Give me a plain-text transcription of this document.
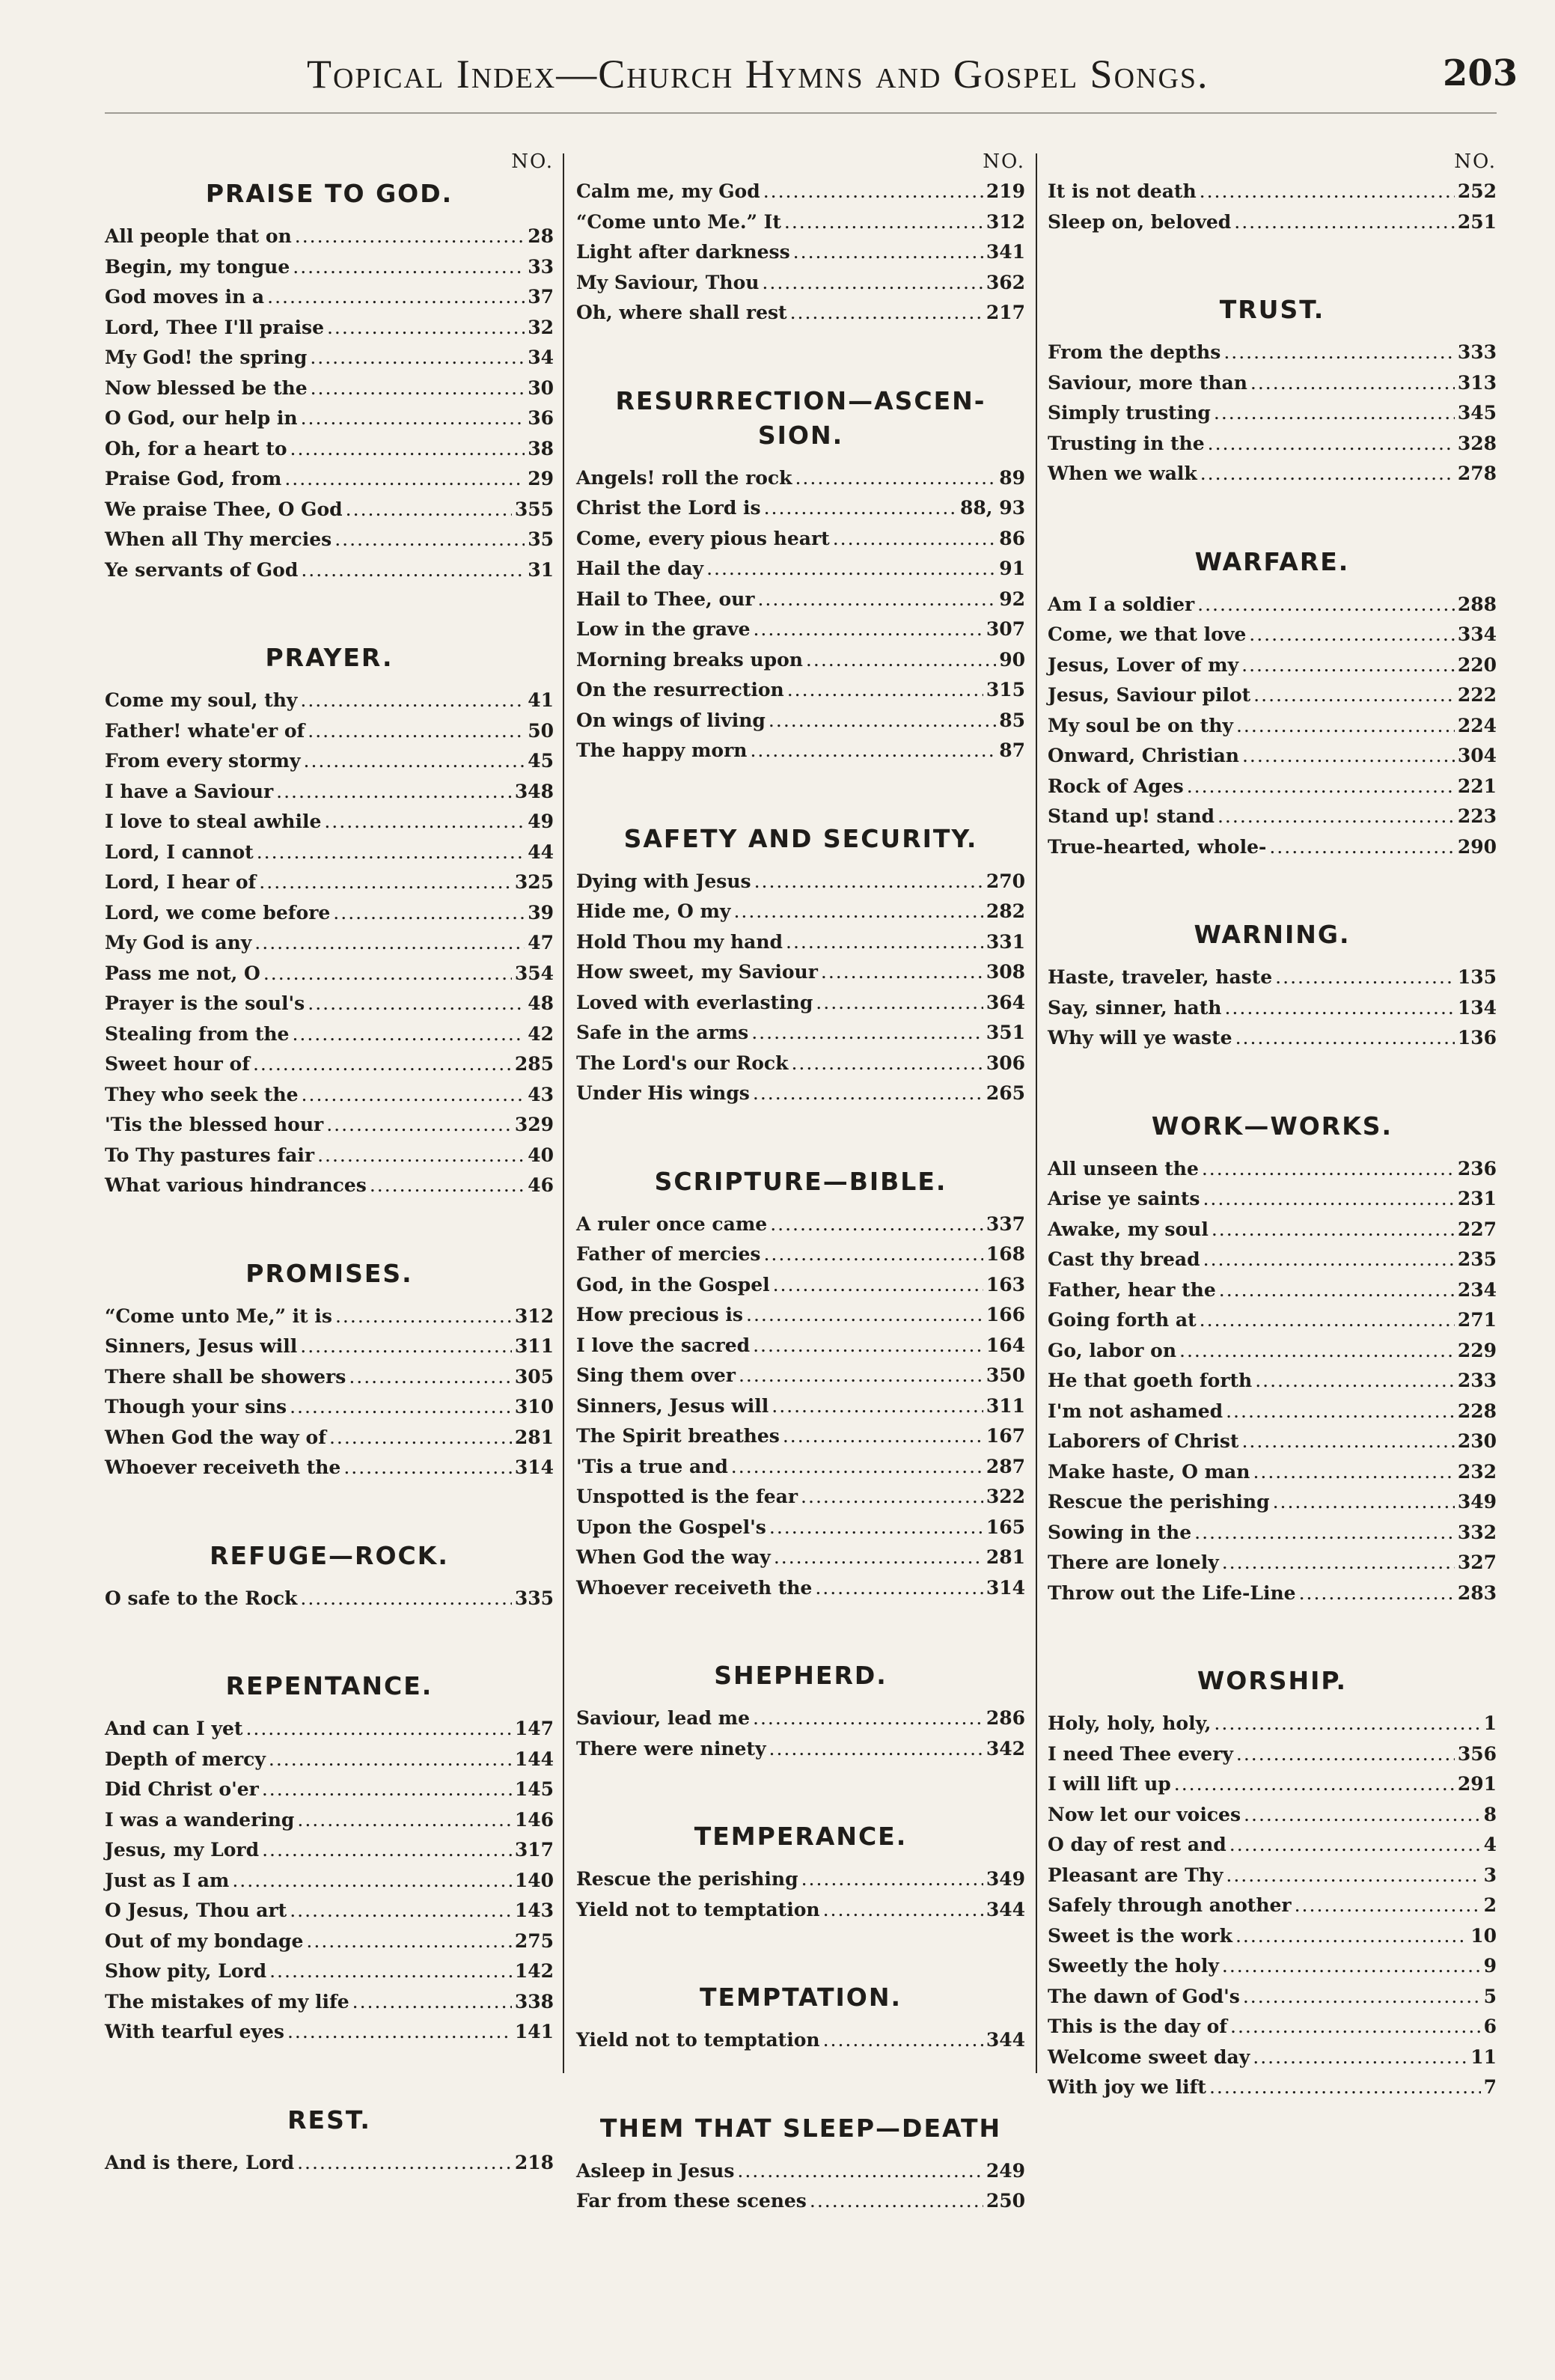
Topical Index—Church Hymns and Gospel Songs.	203
NO.
PRAISE TO GOD.
All people that on .....	28
Begin, my tongue .....	33
God moves in a .....	37
Lord, Thee I'll praise .....	32
My God! the spring .....	34
Now blessed be the .....	30
O God, our help in .....	36
Oh, for a heart to .....	38
Praise God, from .....	29
We praise Thee, O God .....	355
When all Thy mercies .....	35
Ye servants of God .....	31
PRAYER.
Come my soul, thy .....	41
Father! whate'er of .....	50
From every stormy .....	45
I have a Saviour .....	348
I love to steal awhile .....	49
Lord, I cannot .....	44
Lord, I hear of .....	325
Lord, we come before .....	39
My God is any .....	47
Pass me not, O .....	354
Prayer is the soul's .....	48
Stealing from the .....	42
Sweet hour of .....	285
They who seek the .....	43
'Tis the blessed hour .....	329
To Thy pastures fair .....	40
What various hindrances .....	46
PROMISES.
“Come unto Me,” it is .....	312
Sinners, Jesus will .....	311
There shall be showers .....	305
Though your sins .....	310
When God the way of .....	281
Whoever receiveth the .....	314
REFUGE—ROCK.
O safe to the Rock .....	335
REPENTANCE.
And can I yet .....	147
Depth of mercy .....	144
Did Christ o'er .....	145
I was a wandering .....	146
Jesus, my Lord .....	317
Just as I am .....	140
O Jesus, Thou art .....	143
Out of my bondage .....	275
Show pity, Lord .....	142
The mistakes of my life .....	338
With tearful eyes .....	141
REST.
And is there, Lord .....	218
NO.
Calm me, my God .....	219
“Come unto Me.” It .....	312
Light after darkness .....	341
My Saviour, Thou .....	362
Oh, where shall rest .....	217
RESURRECTION—ASCEN-
SION.
Angels! roll the rock .....	89
Christ the Lord is .....	88, 93
Come, every pious heart .....	86
Hail the day .....	91
Hail to Thee, our .....	92
Low in the grave .....	307
Morning breaks upon .....	90
On the resurrection .....	315
On wings of living .....	85
The happy morn .....	87
SAFETY AND SECURITY.
Dying with Jesus .....	270
Hide me, O my .....	282
Hold Thou my hand .....	331
How sweet, my Saviour .....	308
Loved with everlasting .....	364
Safe in the arms .....	351
The Lord's our Rock .....	306
Under His wings .....	265
SCRIPTURE—BIBLE.
A ruler once came .....	337
Father of mercies .....	168
God, in the Gospel .....	163
How precious is .....	166
I love the sacred .....	164
Sing them over .....	350
Sinners, Jesus will .....	311
The Spirit breathes .....	167
'Tis a true and .....	287
Unspotted is the fear .....	322
Upon the Gospel's .....	165
When God the way .....	281
Whoever receiveth the .....	314
SHEPHERD.
Saviour, lead me .....	286
There were ninety .....	342
TEMPERANCE.
Rescue the perishing .....	349
Yield not to temptation .....	344
TEMPTATION.
Yield not to temptation .....	344
THEM THAT SLEEP—DEATH
Asleep in Jesus .....	249
Far from these scenes .....	250
NO.
It is not death .....	252
Sleep on, beloved .....	251
TRUST.
From the depths .....	333
Saviour, more than .....	313
Simply trusting .....	345
Trusting in the .....	328
When we walk .....	278
WARFARE.
Am I a soldier .....	288
Come, we that love .....	334
Jesus, Lover of my .....	220
Jesus, Saviour pilot .....	222
My soul be on thy .....	224
Onward, Christian .....	304
Rock of Ages .....	221
Stand up! stand .....	223
True-hearted, whole- .....	290
WARNING.
Haste, traveler, haste .....	135
Say, sinner, hath .....	134
Why will ye waste .....	136
WORK—WORKS.
All unseen the .....	236
Arise ye saints .....	231
Awake, my soul .....	227
Cast thy bread .....	235
Father, hear the .....	234
Going forth at .....	271
Go, labor on .....	229
He that goeth forth .....	233
I'm not ashamed .....	228
Laborers of Christ .....	230
Make haste, O man .....	232
Rescue the perishing .....	349
Sowing in the .....	332
There are lonely .....	327
Throw out the Life-Line .....	283
WORSHIP.
Holy, holy, holy, .....	1
I need Thee every .....	356
I will lift up .....	291
Now let our voices .....	8
O day of rest and .....	4
Pleasant are Thy .....	3
Safely through another .....	2
Sweet is the work .....	10
Sweetly the holy .....	9
The dawn of God's .....	5
This is the day of .....	6
Welcome sweet day .....	11
With joy we lift .....	7
